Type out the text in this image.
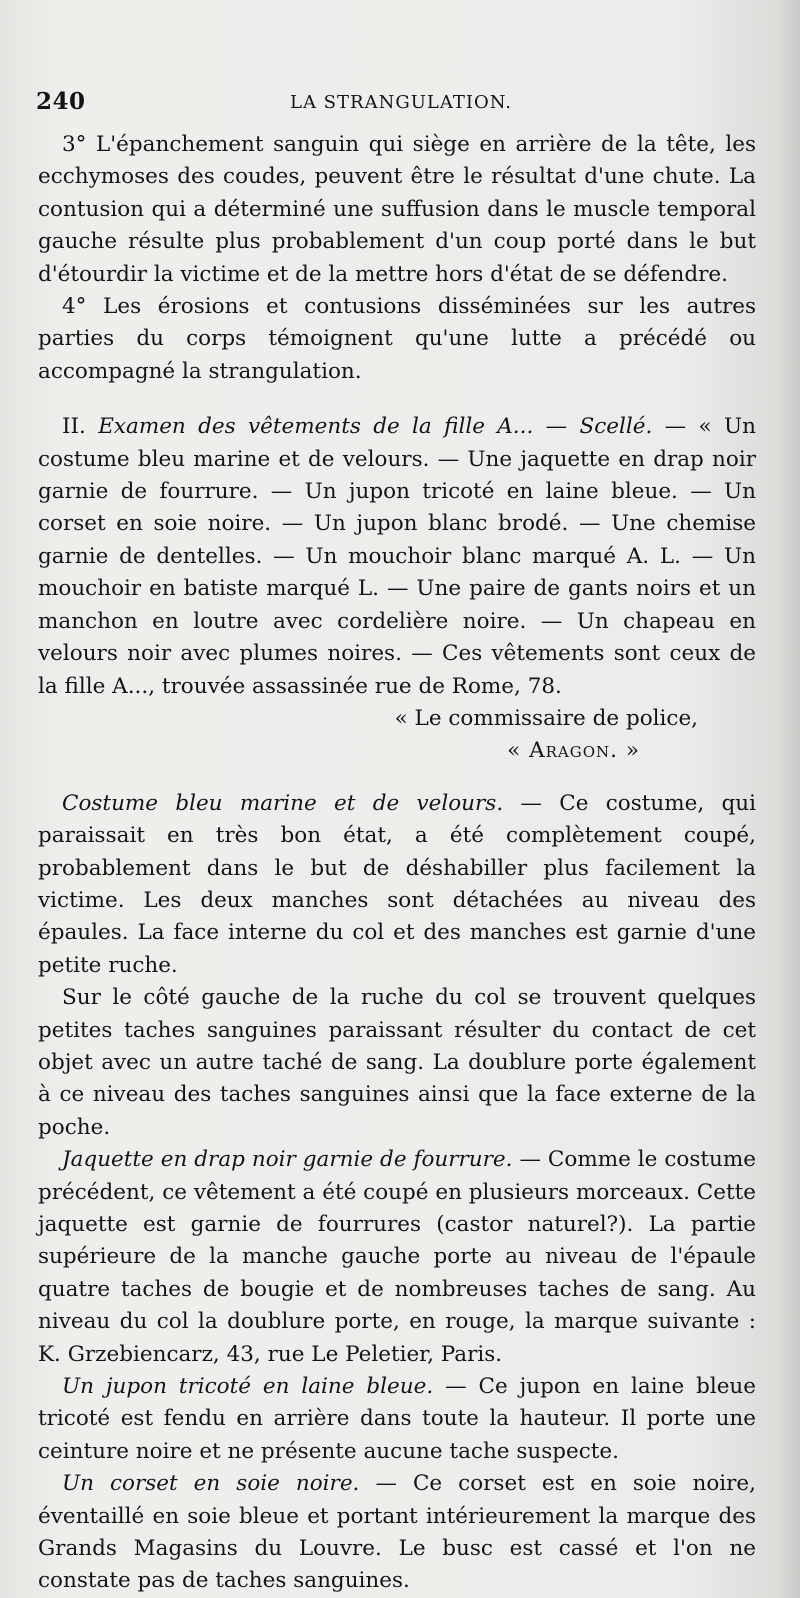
240	LA STRANGULATION.

3° L'épanchement sanguin qui siège en arrière de la tête, les ecchymoses des coudes, peuvent être le résultat d'une chute. La contusion qui a déterminé une suffusion dans le muscle temporal gauche résulte plus probablement d'un coup porté dans le but d'étourdir la victime et de la mettre hors d'état de se défendre.

4° Les érosions et contusions disséminées sur les autres parties du corps témoignent qu'une lutte a précédé ou accompagné la strangulation.

II. Examen des vêtements de la fille A... — Scellé. — « Un costume bleu marine et de velours. — Une jaquette en drap noir garnie de fourrure. — Un jupon tricoté en laine bleue. — Un corset en soie noire. — Un jupon blanc brodé. — Une chemise garnie de dentelles. — Un mouchoir blanc marqué A. L. — Un mouchoir en batiste marqué L. — Une paire de gants noirs et un manchon en loutre avec cordelière noire. — Un chapeau en velours noir avec plumes noires. — Ces vêtements sont ceux de la fille A..., trouvée assassinée rue de Rome, 78.

« Le commissaire de police,

« Aragon. »

Costume bleu marine et de velours. — Ce costume, qui paraissait en très bon état, a été complètement coupé, probablement dans le but de déshabiller plus facilement la victime. Les deux manches sont détachées au niveau des épaules. La face interne du col et des manches est garnie d'une petite ruche.

Sur le côté gauche de la ruche du col se trouvent quelques petites taches sanguines paraissant résulter du contact de cet objet avec un autre taché de sang. La doublure porte également à ce niveau des taches sanguines ainsi que la face externe de la poche.

Jaquette en drap noir garnie de fourrure. — Comme le costume précédent, ce vêtement a été coupé en plusieurs morceaux. Cette jaquette est garnie de fourrures (castor naturel?). La partie supérieure de la manche gauche porte au niveau de l'épaule quatre taches de bougie et de nombreuses taches de sang. Au niveau du col la doublure porte, en rouge, la marque suivante : K. Grzebiencarz, 43, rue Le Peletier, Paris.

Un jupon tricoté en laine bleue. — Ce jupon en laine bleue tricoté est fendu en arrière dans toute la hauteur. Il porte une ceinture noire et ne présente aucune tache suspecte.

Un corset en soie noire. — Ce corset est en soie noire, éventaillé en soie bleue et portant intérieurement la marque des Grands Magasins du Louvre. Le busc est cassé et l'on ne constate pas de taches sanguines.
